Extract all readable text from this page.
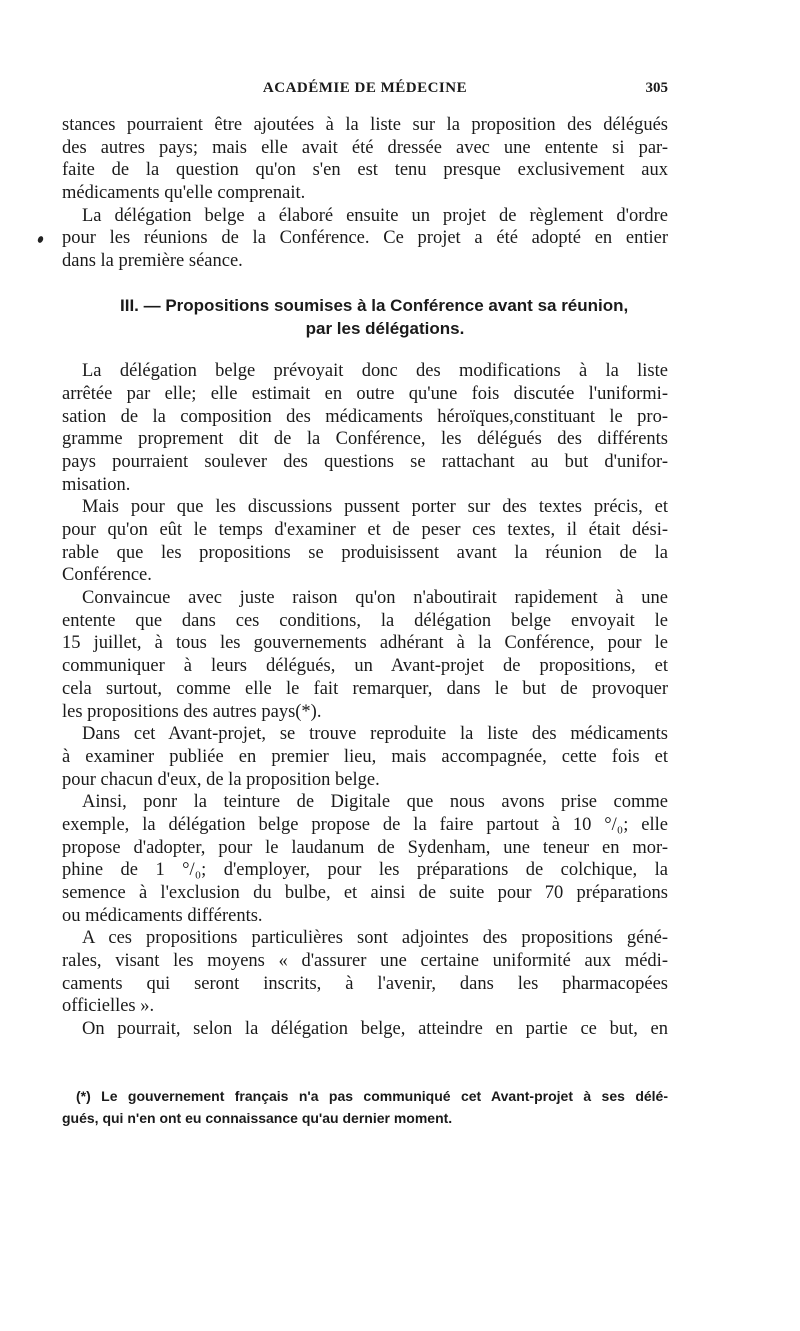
ACADÉMIE DE MÉDECINE	305
stances pourraient être ajoutées à la liste sur la proposition des délégués
des autres pays; mais elle avait été dressée avec une entente si par-
faite de la question qu'on s'en est tenu presque exclusivement aux
médicaments qu'elle comprenait.
La délégation belge a élaboré ensuite un projet de règlement d'ordre
pour les réunions de la Conférence. Ce projet a été adopté en entier
dans la première séance.
III. — Propositions soumises à la Conférence avant sa réunion,
par les délégations.
La délégation belge prévoyait donc des modifications à la liste
arrêtée par elle; elle estimait en outre qu'une fois discutée l'uniformi-
sation de la composition des médicaments héroïques,constituant le pro-
gramme proprement dit de la Conférence, les délégués des différents
pays pourraient soulever des questions se rattachant au but d'unifor-
misation.
Mais pour que les discussions pussent porter sur des textes précis, et
pour qu'on eût le temps d'examiner et de peser ces textes, il était dési-
rable que les propositions se produisissent avant la réunion de la
Conférence.
Convaincue avec juste raison qu'on n'aboutirait rapidement à une
entente que dans ces conditions, la délégation belge envoyait le
15 juillet, à tous les gouvernements adhérant à la Conférence, pour le
communiquer à leurs délégués, un Avant-projet de propositions, et
cela surtout, comme elle le fait remarquer, dans le but de provoquer
les propositions des autres pays(*).
Dans cet Avant-projet, se trouve reproduite la liste des médicaments
à examiner publiée en premier lieu, mais accompagnée, cette fois et
pour chacun d'eux, de la proposition belge.
Ainsi, ponr la teinture de Digitale que nous avons prise comme
exemple, la délégation belge propose de la faire partout à 10 °/₀; elle
propose d'adopter, pour le laudanum de Sydenham, une teneur en mor-
phine de 1 °/₀; d'employer, pour les préparations de colchique, la
semence à l'exclusion du bulbe, et ainsi de suite pour 70 préparations
ou médicaments différents.
A ces propositions particulières sont adjointes des propositions géné-
rales, visant les moyens « d'assurer une certaine uniformité aux médi-
caments qui seront inscrits, à l'avenir, dans les pharmacopées
officielles ».
On pourrait, selon la délégation belge, atteindre en partie ce but, en
(*) Le gouvernement français n'a pas communiqué cet Avant-projet à ses délé-
gués, qui n'en ont eu connaissance qu'au dernier moment.
